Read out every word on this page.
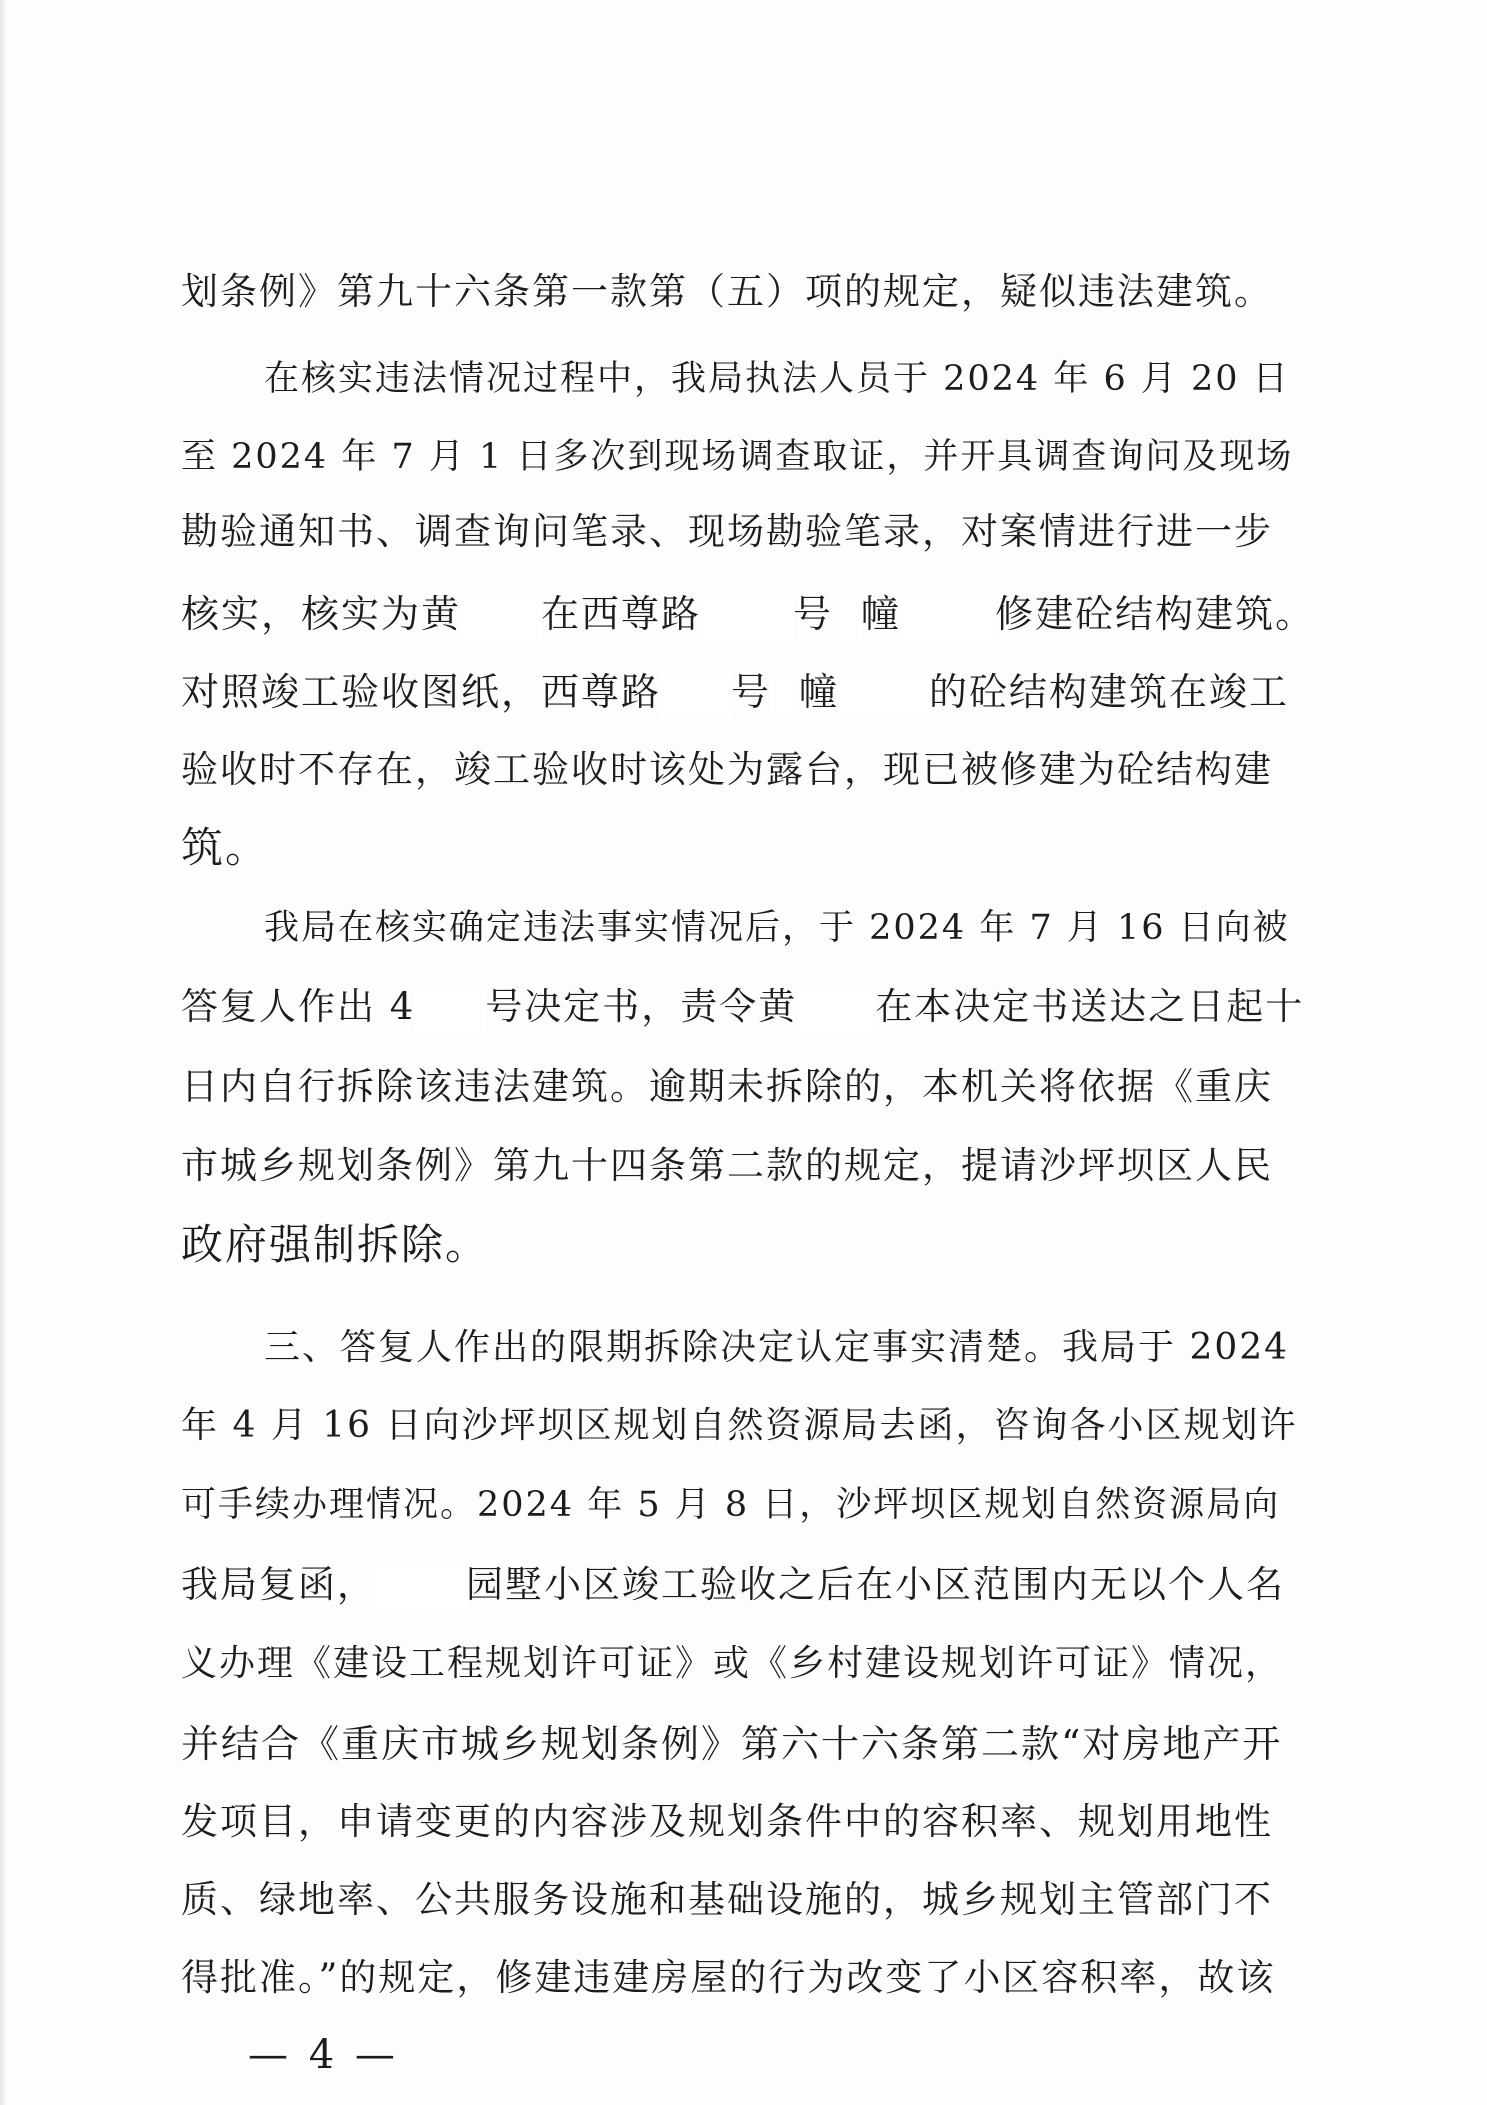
划条例》第九十六条第一款第（五）项的规定，疑似违法建筑。
在核实违法情况过程中，我局执法人员于 2024 年 6 月 20 日
至 2024 年 7 月 1 日多次到现场调查取证，并开具调查询问及现场
勘验通知书、调查询问笔录、现场勘验笔录，对案情进行进一步
核实，核实为黄 在西尊路 号 幢 修建砼结构建筑。
对照竣工验收图纸，西尊路 号 幢 的砼结构建筑在竣工
验收时不存在，竣工验收时该处为露台，现已被修建为砼结构建
筑。
我局在核实确定违法事实情况后，于 2024 年 7 月 16 日向被
答复人作出 4 号决定书，责令黄 在本决定书送达之日起十
日内自行拆除该违法建筑。逾期未拆除的，本机关将依据《重庆
市城乡规划条例》第九十四条第二款的规定，提请沙坪坝区人民
政府强制拆除。
三、答复人作出的限期拆除决定认定事实清楚。我局于 2024
年 4 月 16 日向沙坪坝区规划自然资源局去函，咨询各小区规划许
可手续办理情况。2024 年 5 月 8 日，沙坪坝区规划自然资源局向
我局复函， 园墅小区竣工验收之后在小区范围内无以个人名
义办理《建设工程规划许可证》或《乡村建设规划许可证》情况，
并结合《重庆市城乡规划条例》第六十六条第二款“对房地产开
发项目，申请变更的内容涉及规划条件中的容积率、规划用地性
质、绿地率、公共服务设施和基础设施的，城乡规划主管部门不
得批准。”的规定，修建违建房屋的行为改变了小区容积率，故该
— 4 —
